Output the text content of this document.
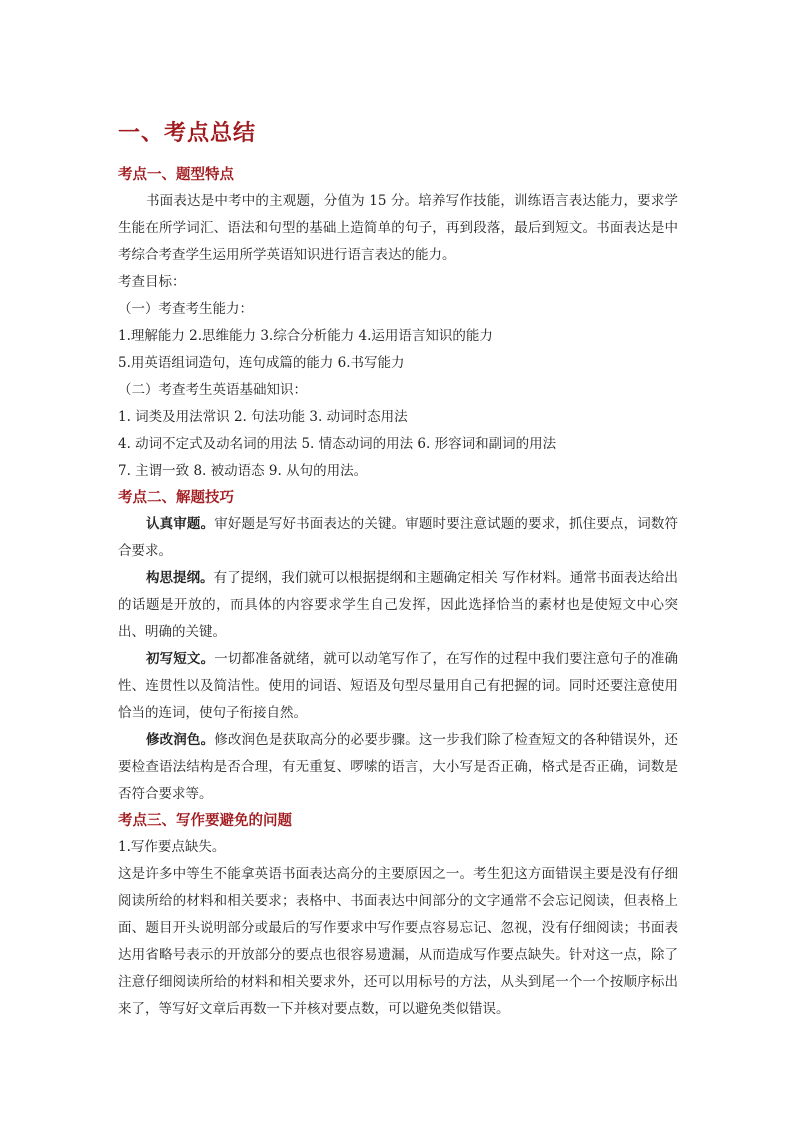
一、考点总结
考点一、题型特点

书面表达是中考中的主观题，分值为 15 分。培养写作技能，训练语言表达能力，要求学生能在所学词汇、语法和句型的基础上造简单的句子，再到段落，最后到短文。书面表达是中考综合考查学生运用所学英语知识进行语言表达的能力。

考查目标：

（一）考查考生能力：

1.理解能力 2.思维能力 3.综合分析能力 4.运用语言知识的能力

5.用英语组词造句，连句成篇的能力 6.书写能力

（二）考查考生英语基础知识：

1. 词类及用法常识 2. 句法功能 3. 动词时态用法

4. 动词不定式及动名词的用法 5. 情态动词的用法 6. 形容词和副词的用法

7. 主谓一致 8. 被动语态 9. 从句的用法。

考点二、解题技巧

认真审题。审好题是写好书面表达的关键。审题时要注意试题的要求，抓住要点，词数符合要求。

构思提纲。有了提纲，我们就可以根据提纲和主题确定相关 写作材料。通常书面表达给出的话题是开放的，而具体的内容要求学生自己发挥，因此选择恰当的素材也是使短文中心突出、明确的关键。

初写短文。一切都准备就绪，就可以动笔写作了，在写作的过程中我们要注意句子的准确性、连贯性以及简洁性。使用的词语、短语及句型尽量用自己有把握的词。同时还要注意使用恰当的连词，使句子衔接自然。

修改润色。修改润色是获取高分的必要步骤。这一步我们除了检查短文的各种错误外，还要检查语法结构是否合理，有无重复、啰嗦的语言，大小写是否正确，格式是否正确，词数是否符合要求等。

考点三、写作要避免的问题

1.写作要点缺失。

这是许多中等生不能拿英语书面表达高分的主要原因之一。考生犯这方面错误主要是没有仔细阅读所给的材料和相关要求；表格中、书面表达中间部分的文字通常不会忘记阅读，但表格上面、题目开头说明部分或最后的写作要求中写作要点容易忘记、忽视，没有仔细阅读；书面表达用省略号表示的开放部分的要点也很容易遗漏，从而造成写作要点缺失。针对这一点，除了注意仔细阅读所给的材料和相关要求外，还可以用标号的方法，从头到尾一个一个按顺序标出来了，等写好文章后再数一下并核对要点数，可以避免类似错误。
